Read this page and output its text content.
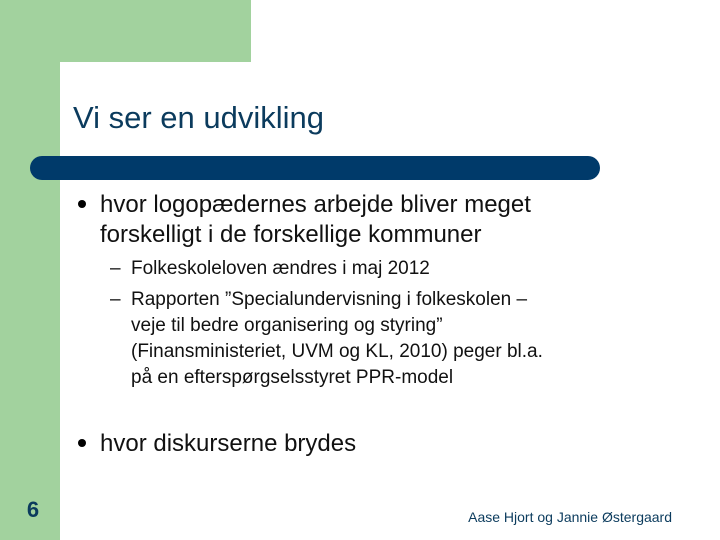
Vi ser en udvikling
hvor logopædernes arbejde bliver meget
forskelligt i de forskellige kommuner
– Folkeskoleloven ændres i maj 2012
– Rapporten ”Specialundervisning i folkeskolen –
veje til bedre organisering og styring”
(Finansministeriet, UVM og KL, 2010) peger bl.a.
på en efterspørgselsstyret PPR-model
hvor diskurserne brydes
6	Aase Hjort og Jannie Østergaard
